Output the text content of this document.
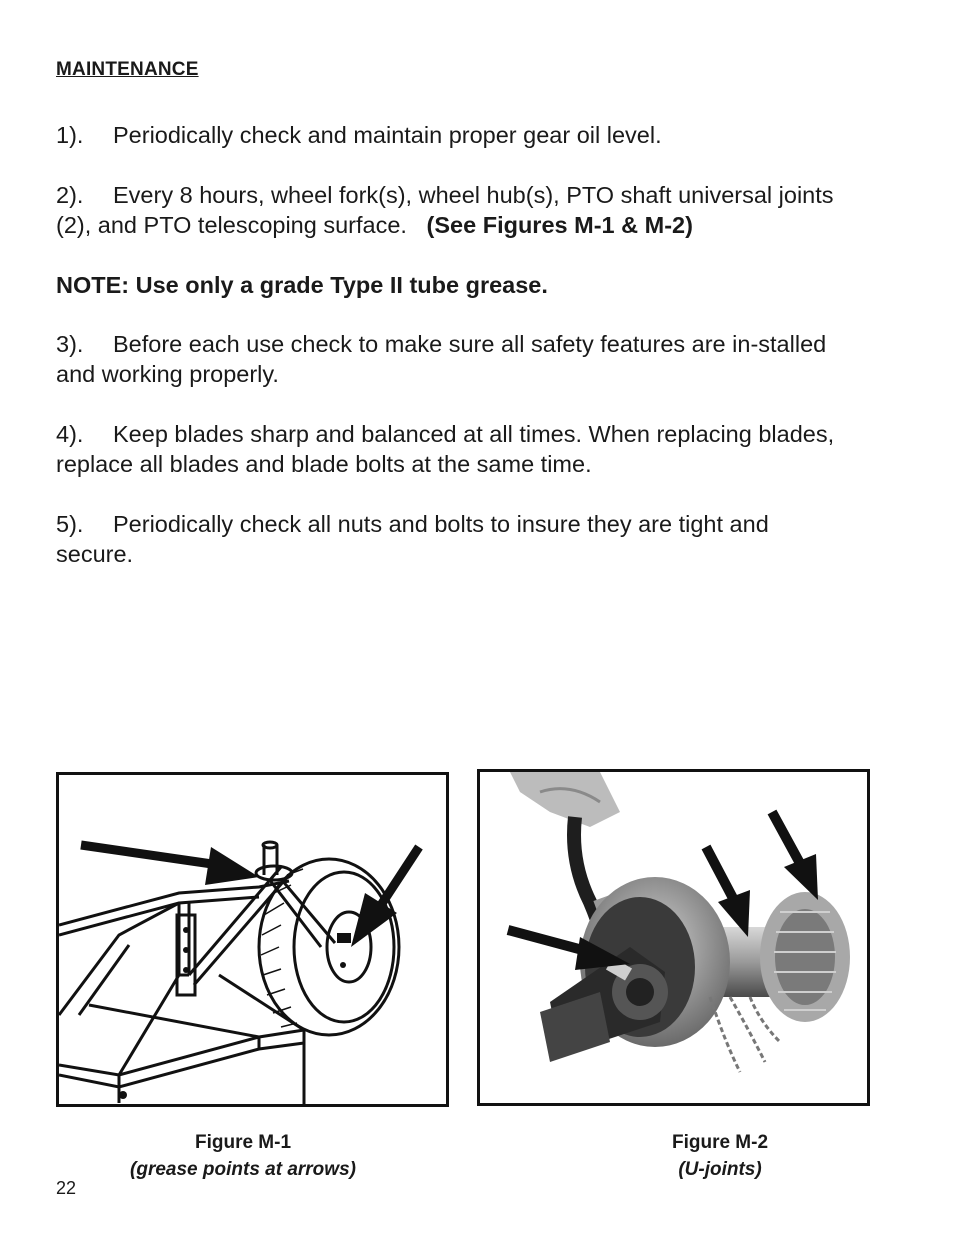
MAINTENANCE
1). Periodically check and maintain proper gear oil level.
2). Every 8 hours, wheel fork(s), wheel hub(s), PTO shaft universal joints (2), and PTO telescoping surface. (See Figures M-1 & M-2)
NOTE: Use only a grade Type II tube grease.
3). Before each use check to make sure all safety features are in-stalled and working properly.
4). Keep blades sharp and balanced at all times. When replacing blades, replace all blades and blade bolts at the same time.
5). Periodically check all nuts and bolts to insure they are tight and secure.
Figure M-1
(grease points at arrows)
Figure M-2
(U-joints)
22
